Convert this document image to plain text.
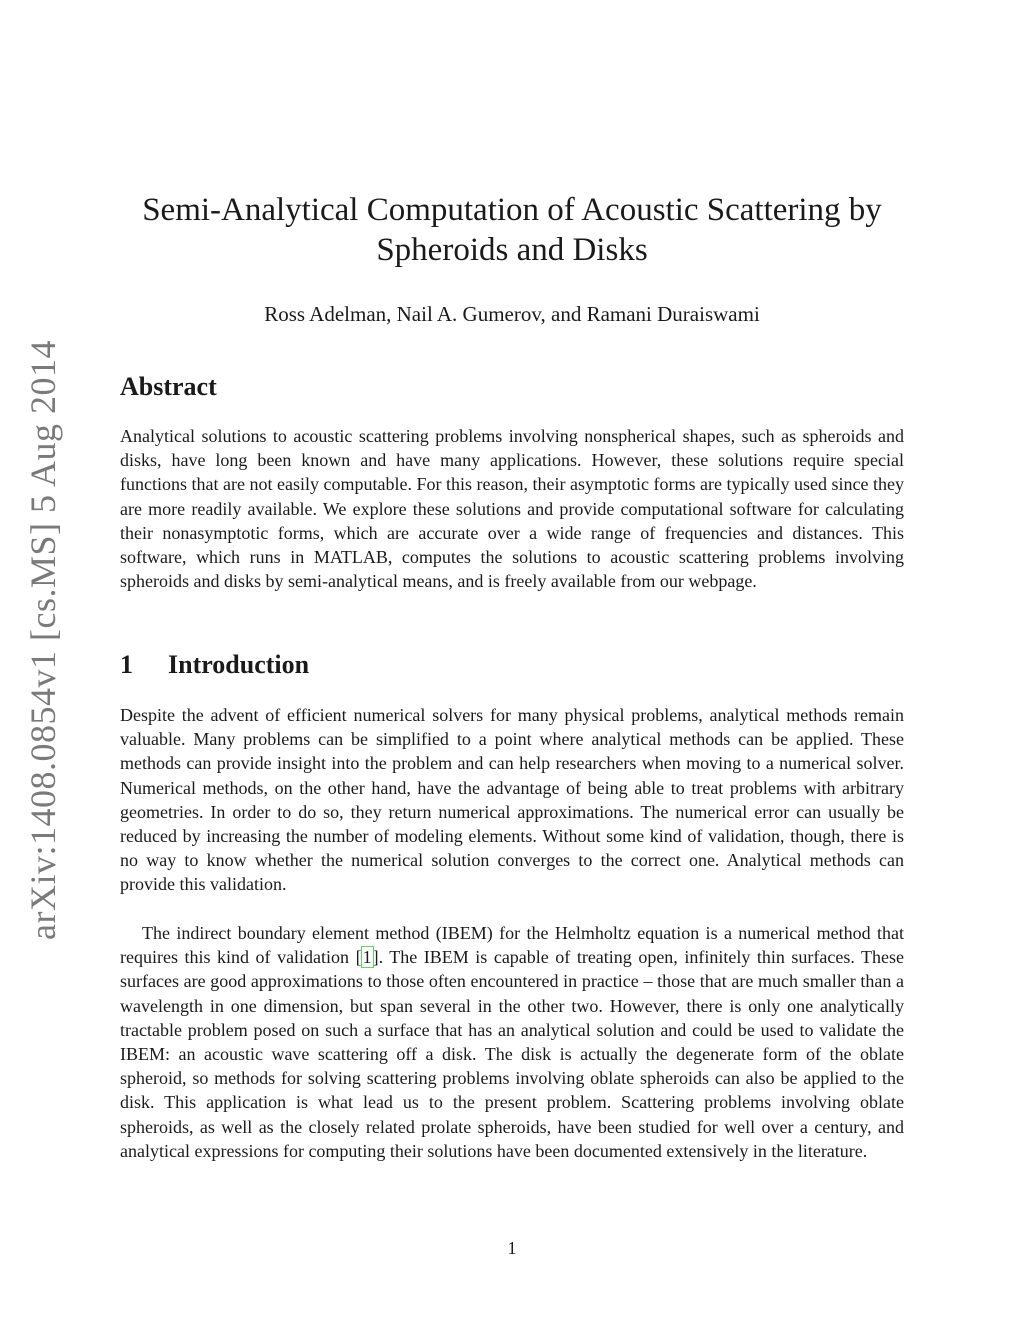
arXiv:1408.0854v1 [cs.MS] 5 Aug 2014
Semi-Analytical Computation of Acoustic Scattering by Spheroids and Disks

Ross Adelman, Nail A. Gumerov, and Ramani Duraiswami

Abstract

Analytical solutions to acoustic scattering problems involving nonspherical shapes, such as spheroids and disks, have long been known and have many applications. However, these solutions require special functions that are not easily computable. For this reason, their asymptotic forms are typically used since they are more readily available. We explore these solutions and provide computational software for calculating their nonasymptotic forms, which are accurate over a wide range of frequencies and distances. This software, which runs in MATLAB, computes the solutions to acoustic scattering problems involving spheroids and disks by semi-analytical means, and is freely available from our webpage.

1 Introduction

Despite the advent of efficient numerical solvers for many physical problems, analytical methods remain valuable. Many problems can be simplified to a point where analytical methods can be applied. These methods can provide insight into the problem and can help researchers when moving to a numerical solver. Numerical methods, on the other hand, have the advantage of being able to treat problems with arbitrary geometries. In order to do so, they return numerical approximations. The numerical error can usually be reduced by increasing the number of modeling elements. Without some kind of validation, though, there is no way to know whether the numerical solution converges to the correct one. Analytical methods can provide this validation.

The indirect boundary element method (IBEM) for the Helmholtz equation is a numerical method that requires this kind of validation [1]. The IBEM is capable of treating open, infinitely thin surfaces. These surfaces are good approximations to those often encountered in practice – those that are much smaller than a wavelength in one dimension, but span several in the other two. However, there is only one analytically tractable problem posed on such a surface that has an analytical solution and could be used to validate the IBEM: an acoustic wave scattering off a disk. The disk is actually the degenerate form of the oblate spheroid, so methods for solving scattering problems involving oblate spheroids can also be applied to the disk. This application is what lead us to the present problem. Scattering problems involving oblate spheroids, as well as the closely related prolate spheroids, have been studied for well over a century, and analytical expressions for computing their solutions have been documented extensively in the literature.

1
